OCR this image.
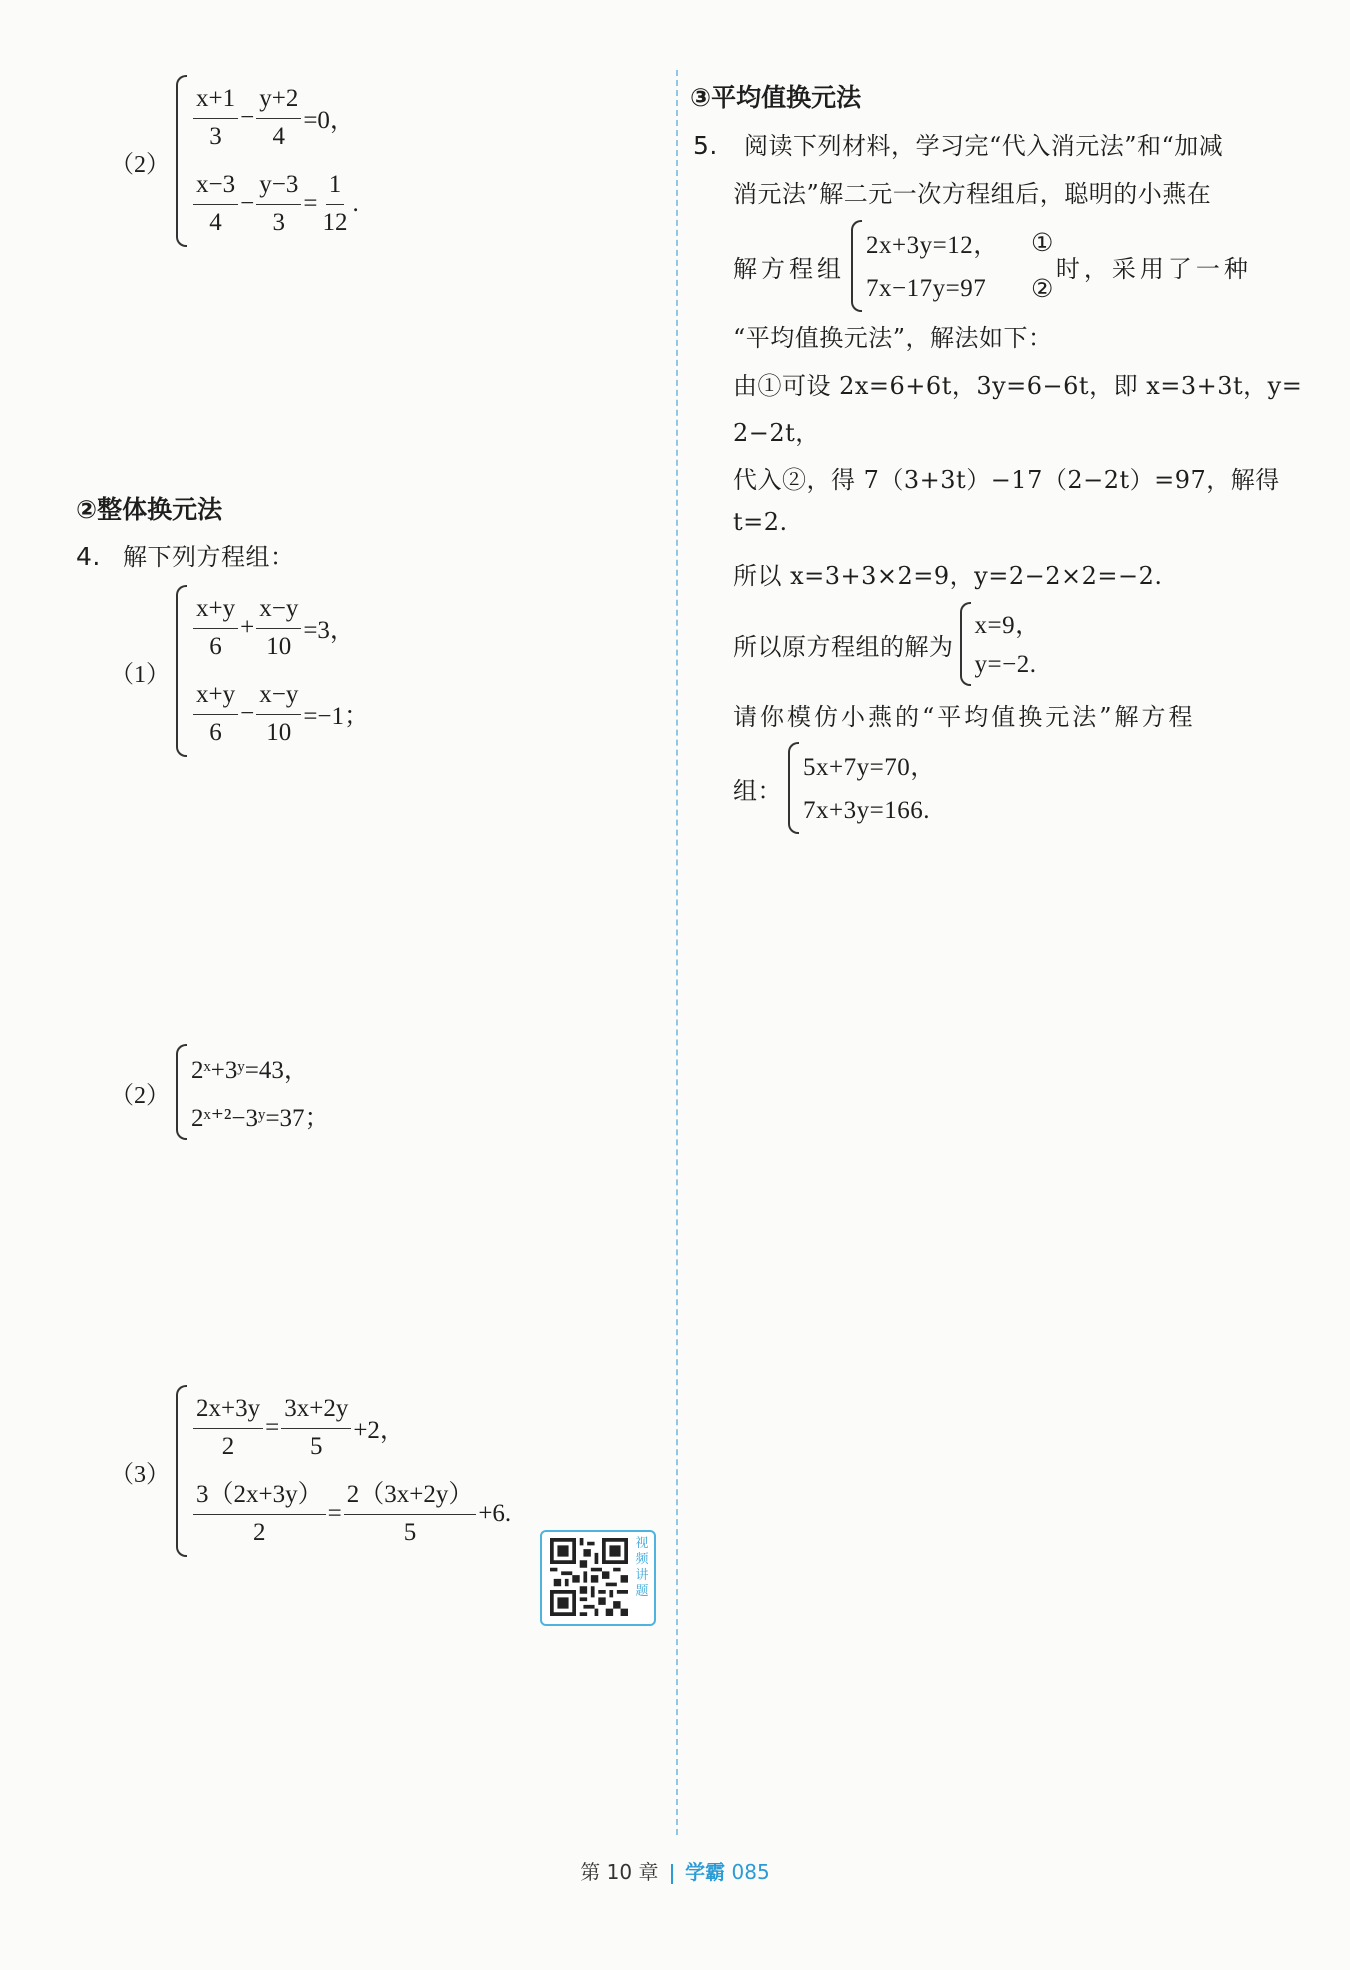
（2）
$\frac{x+1}{3} - \frac{y+2}{4} =0$，
$\frac{x-3}{4} - \frac{y-3}{3} = \frac{1}{12}$ .
②整体换元法
4. 解下列方程组：
（1）
$\frac{x+y}{6} + \frac{x-y}{10} =3$，
$\frac{x+y}{6} - \frac{x-y}{10} =-1$；
（2）
2ˣ+3ʸ=43，
2ˣ⁺²−3ʸ=37；
（3）
$\frac{2x+3y}{2} = \frac{3x+2y}{5} +2$，
$\frac{3(2x+3y)}{2} = \frac{2(3x+2y)}{5} +6$.
视频讲题
③平均值换元法
5. 阅读下列材料，学习完“代入消元法”和“加减
消元法”解二元一次方程组后，聪明的小燕在
解方程组
2x+3y=12，	①
7x−17y=97	②
时，采用了一种
“平均值换元法”，解法如下：
由①可设 2x=6+6t，3y=6−6t，即 x=3+3t，y=
2−2t，
代入②，得 7（3+3t）−17（2−2t）=97，解得
t=2.
所以 x=3+3×2=9，y=2−2×2=−2.
所以原方程组的解为
x=9，
y=−2.
请你模仿小燕的“平均值换元法”解方程
组：
5x+7y=70，
7x+3y=166.
第 10 章 学霸 085
